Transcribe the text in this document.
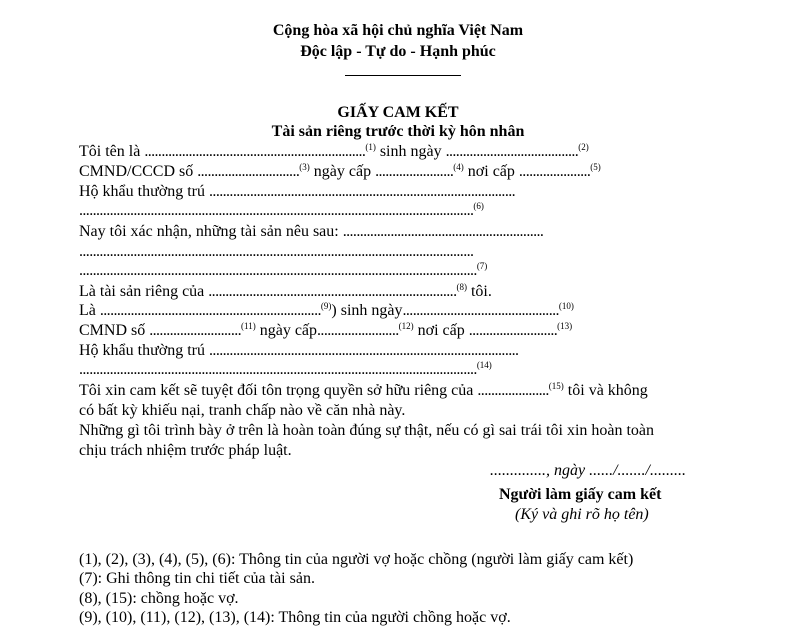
Cộng hòa xã hội chủ nghĩa Việt Nam
Độc lập - Tự do - Hạnh phúc
GIẤY CAM KẾT
Tài sản riêng trước thời kỳ hôn nhân
Tôi tên là .................................................................$^{(1)}$ sinh ngày .......................................$^{(2)}$
CMND/CCCD số ..............................$^{(3)}$ ngày cấp .......................$^{(4)}$ nơi cấp .....................$^{(5)}$
Hộ khẩu thường trú ..........................................................................................
....................................................................................................................$^{(6)}$
Nay tôi xác nhận, những tài sản nêu sau: ...........................................................
....................................................................................................................
.....................................................................................................................$^{(7)}$
Là tài sản riêng của .........................................................................$^{(8)}$ tôi.
Là .................................................................$^{(9)}$) sinh ngày..............................................$^{(10)}$
CMND số ...........................$^{(11)}$ ngày cấp........................$^{(12)}$ nơi cấp ..........................$^{(13)}$
Hộ khẩu thường trú ...........................................................................................
.....................................................................................................................$^{(14)}$
Tôi xin cam kết sẽ tuyệt đối tôn trọng quyền sở hữu riêng của .....................$^{(15)}$ tôi và không
có bất kỳ khiếu nại, tranh chấp nào về căn nhà này.
Những gì tôi trình bày ở trên là hoàn toàn đúng sự thật, nếu có gì sai trái tôi xin hoàn toàn
chịu trách nhiệm trước pháp luật.
.............., ngày ....../......./.........
Người làm giấy cam kết
(Ký và ghi rõ họ tên)
(1), (2), (3), (4), (5), (6): Thông tin của người vợ hoặc chồng (người làm giấy cam kết)
(7): Ghi thông tin chi tiết của tài sản.
(8), (15): chồng hoặc vợ.
(9), (10), (11), (12), (13), (14): Thông tin của người chồng hoặc vợ.
